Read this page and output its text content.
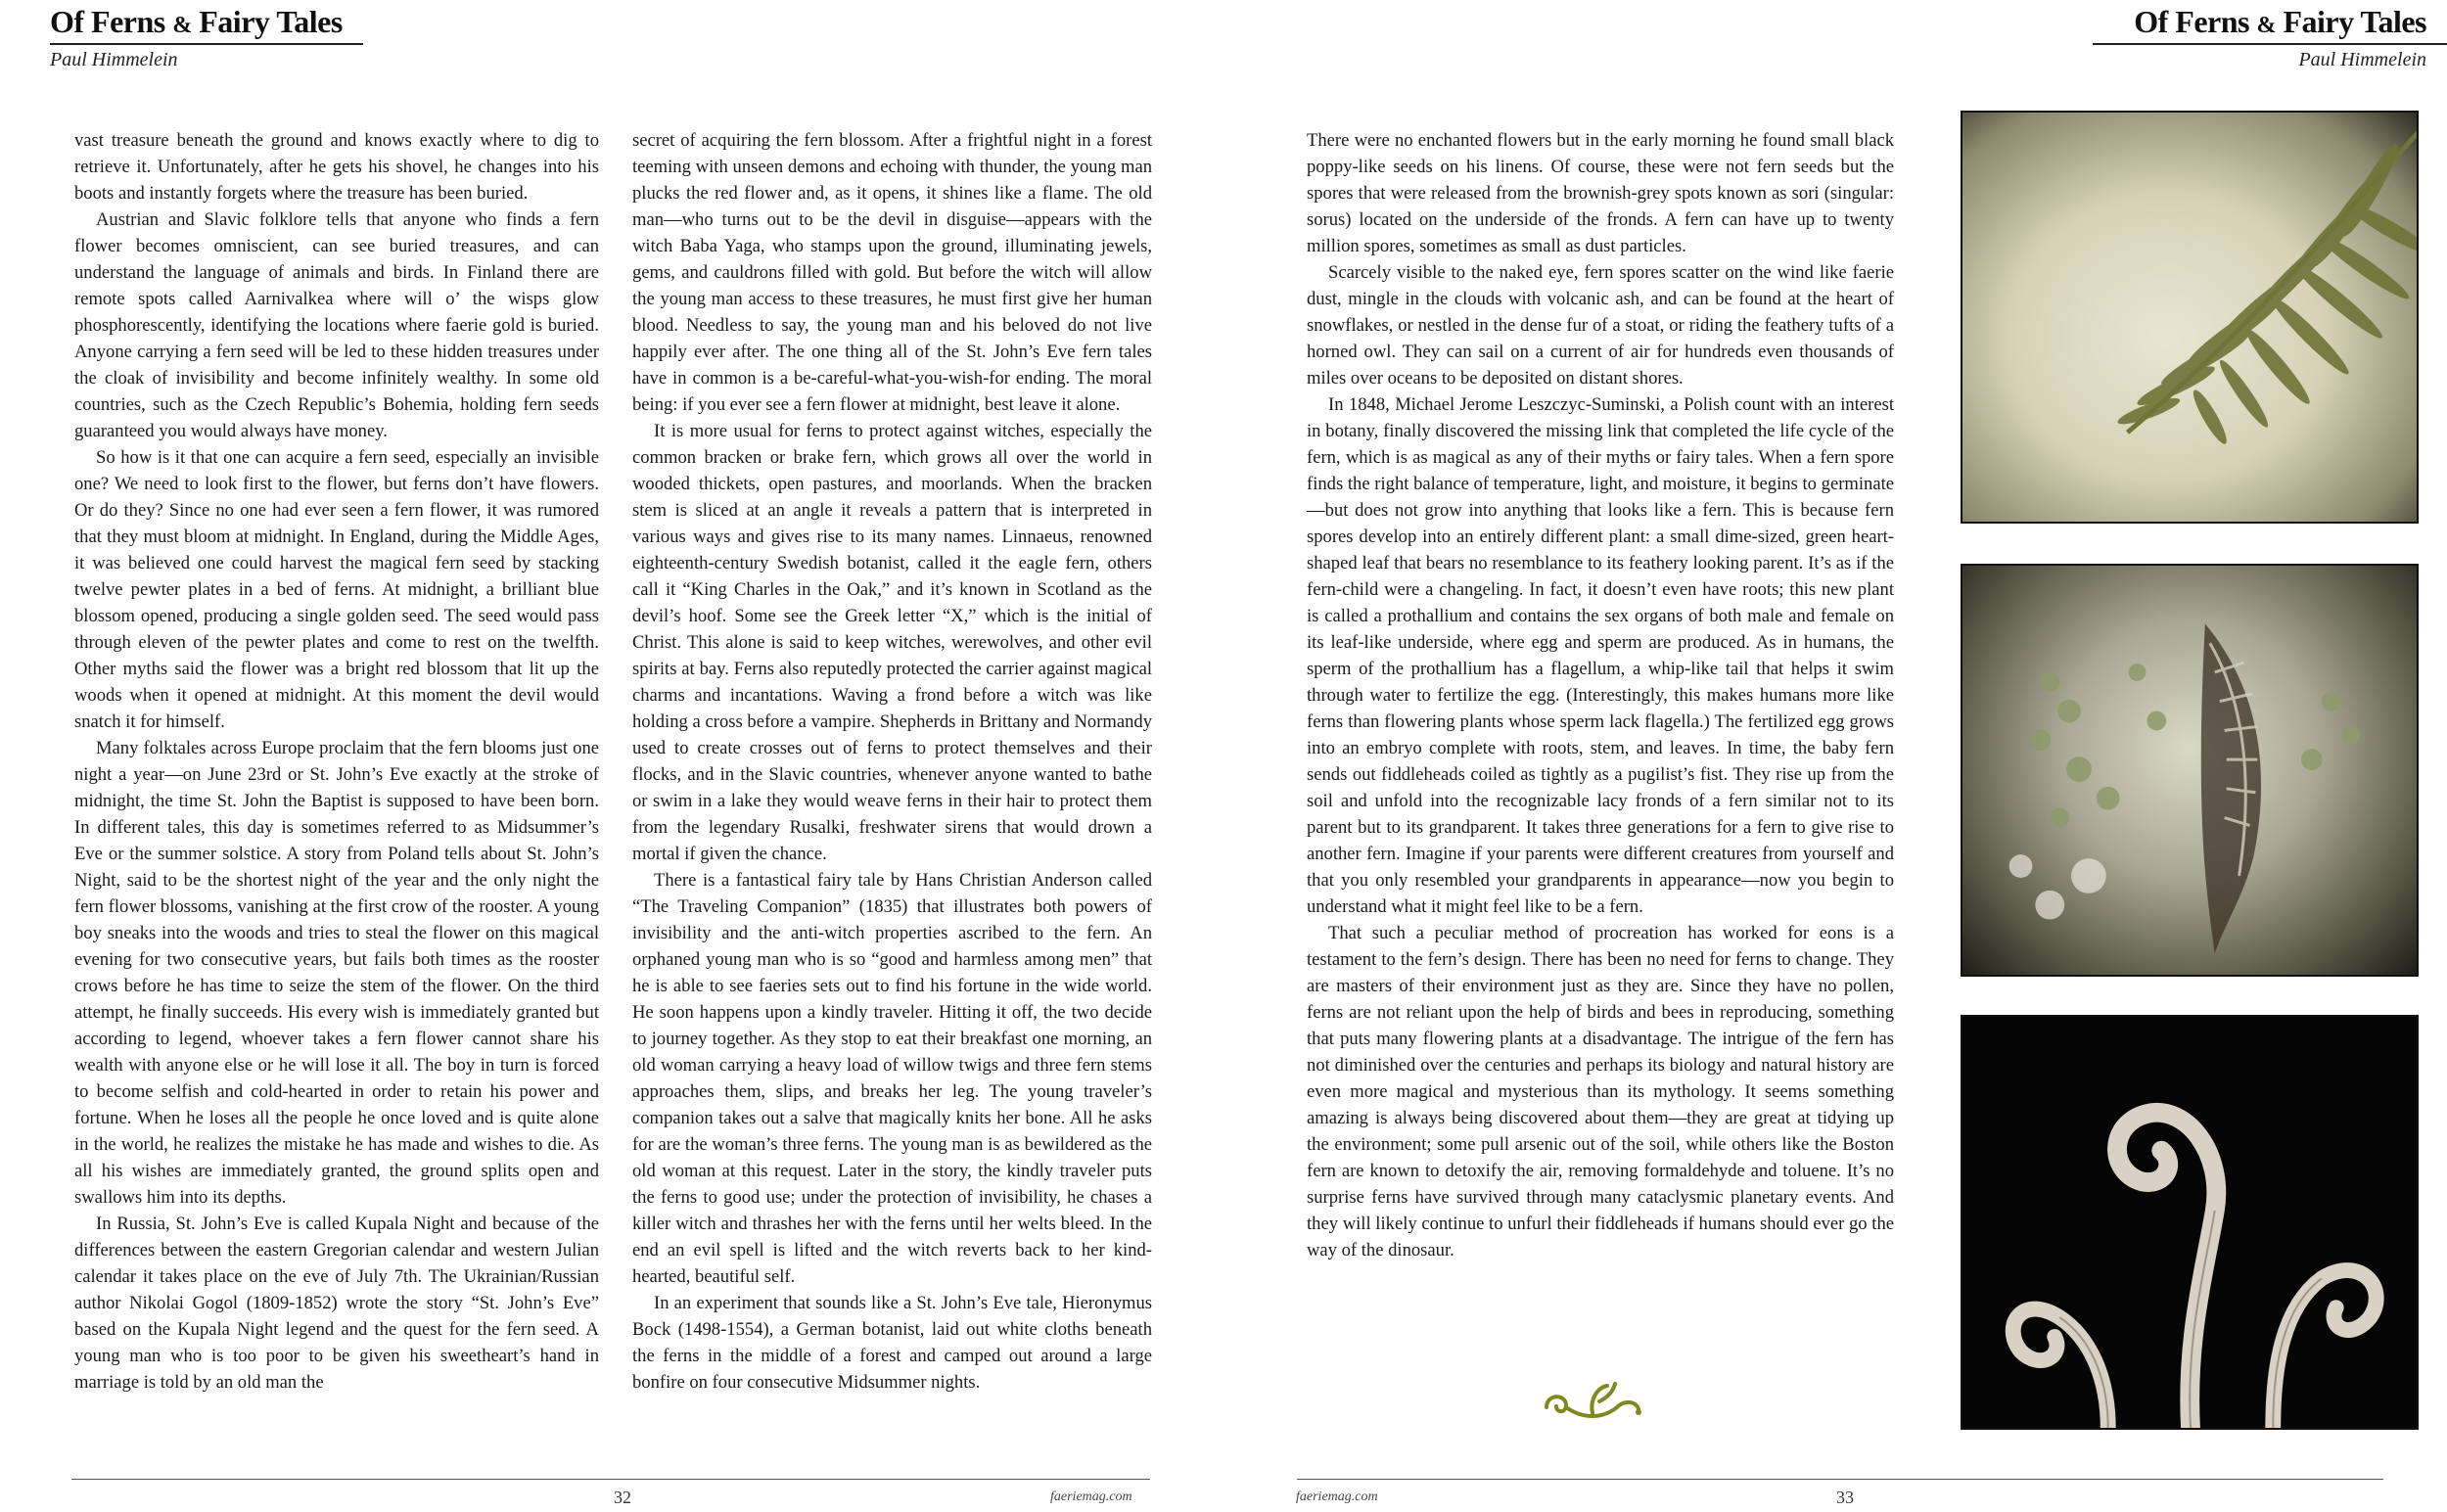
Of Ferns & Fairy Tales
Paul Himmelein

vast treasure beneath the ground and knows exactly where to dig to retrieve it. Unfortunately, after he gets his shovel, he changes into his boots and instantly forgets where the treasure has been buried.

Austrian and Slavic folklore tells that anyone who finds a fern flower becomes omniscient, can see buried treasures, and can understand the language of animals and birds. In Finland there are remote spots called Aarnivalkea where will o’ the wisps glow phosphorescently, identifying the locations where faerie gold is buried. Anyone carrying a fern seed will be led to these hidden treasures under the cloak of invisibility and become infinitely wealthy. In some old countries, such as the Czech Republic’s Bohemia, holding fern seeds guaranteed you would always have money.

So how is it that one can acquire a fern seed, especially an invisible one? We need to look first to the flower, but ferns don’t have flowers. Or do they? Since no one had ever seen a fern flower, it was rumored that they must bloom at midnight. In England, during the Middle Ages, it was believed one could harvest the magical fern seed by stacking twelve pewter plates in a bed of ferns. At midnight, a brilliant blue blossom opened, producing a single golden seed. The seed would pass through eleven of the pewter plates and come to rest on the twelfth. Other myths said the flower was a bright red blossom that lit up the woods when it opened at midnight. At this moment the devil would snatch it for himself.

Many folktales across Europe proclaim that the fern blooms just one night a year—on June 23rd or St. John’s Eve exactly at the stroke of midnight, the time St. John the Baptist is supposed to have been born. In different tales, this day is sometimes referred to as Midsummer’s Eve or the summer solstice. A story from Poland tells about St. John’s Night, said to be the shortest night of the year and the only night the fern flower blossoms, vanishing at the first crow of the rooster. A young boy sneaks into the woods and tries to steal the flower on this magical evening for two consecutive years, but fails both times as the rooster crows before he has time to seize the stem of the flower. On the third attempt, he finally succeeds. His every wish is immediately granted but according to legend, whoever takes a fern flower cannot share his wealth with anyone else or he will lose it all. The boy in turn is forced to become selfish and cold-hearted in order to retain his power and fortune. When he loses all the people he once loved and is quite alone in the world, he realizes the mistake he has made and wishes to die. As all his wishes are immediately granted, the ground splits open and swallows him into its depths.

In Russia, St. John’s Eve is called Kupala Night and because of the differences between the eastern Gregorian calendar and western Julian calendar it takes place on the eve of July 7th. The Ukrainian/Russian author Nikolai Gogol (1809-1852) wrote the story “St. John’s Eve” based on the Kupala Night legend and the quest for the fern seed. A young man who is too poor to be given his sweetheart’s hand in marriage is told by an old man the

secret of acquiring the fern blossom. After a frightful night in a forest teeming with unseen demons and echoing with thunder, the young man plucks the red flower and, as it opens, it shines like a flame. The old man—who turns out to be the devil in disguise—appears with the witch Baba Yaga, who stamps upon the ground, illuminating jewels, gems, and cauldrons filled with gold. But before the witch will allow the young man access to these treasures, he must first give her human blood. Needless to say, the young man and his beloved do not live happily ever after. The one thing all of the St. John’s Eve fern tales have in common is a be-careful-what-you-wish-for ending. The moral being: if you ever see a fern flower at midnight, best leave it alone.

It is more usual for ferns to protect against witches, especially the common bracken or brake fern, which grows all over the world in wooded thickets, open pastures, and moorlands. When the bracken stem is sliced at an angle it reveals a pattern that is interpreted in various ways and gives rise to its many names. Linnaeus, renowned eighteenth-century Swedish botanist, called it the eagle fern, others call it “King Charles in the Oak,” and it’s known in Scotland as the devil’s hoof. Some see the Greek letter “X,” which is the initial of Christ. This alone is said to keep witches, werewolves, and other evil spirits at bay. Ferns also reputedly protected the carrier against magical charms and incantations. Waving a frond before a witch was like holding a cross before a vampire. Shepherds in Brittany and Normandy used to create crosses out of ferns to protect themselves and their flocks, and in the Slavic countries, whenever anyone wanted to bathe or swim in a lake they would weave ferns in their hair to protect them from the legendary Rusalki, freshwater sirens that would drown a mortal if given the chance.

There is a fantastical fairy tale by Hans Christian Anderson called “The Traveling Companion” (1835) that illustrates both powers of invisibility and the anti-witch properties ascribed to the fern. An orphaned young man who is so “good and harmless among men” that he is able to see faeries sets out to find his fortune in the wide world. He soon happens upon a kindly traveler. Hitting it off, the two decide to journey together. As they stop to eat their breakfast one morning, an old woman carrying a heavy load of willow twigs and three fern stems approaches them, slips, and breaks her leg. The young traveler’s companion takes out a salve that magically knits her bone. All he asks for are the woman’s three ferns. The young man is as bewildered as the old woman at this request. Later in the story, the kindly traveler puts the ferns to good use; under the protection of invisibility, he chases a killer witch and thrashes her with the ferns until her welts bleed. In the end an evil spell is lifted and the witch reverts back to her kind-hearted, beautiful self.

In an experiment that sounds like a St. John’s Eve tale, Hieronymus Bock (1498-1554), a German botanist, laid out white cloths beneath the ferns in the middle of a forest and camped out around a large bonfire on four consecutive Midsummer nights.

32	faeriemag.com
Of Ferns & Fairy Tales
Paul Himmelein

There were no enchanted flowers but in the early morning he found small black poppy-like seeds on his linens. Of course, these were not fern seeds but the spores that were released from the brownish-grey spots known as sori (singular: sorus) located on the underside of the fronds. A fern can have up to twenty million spores, sometimes as small as dust particles.

Scarcely visible to the naked eye, fern spores scatter on the wind like faerie dust, mingle in the clouds with volcanic ash, and can be found at the heart of snowflakes, or nestled in the dense fur of a stoat, or riding the feathery tufts of a horned owl. They can sail on a current of air for hundreds even thousands of miles over oceans to be deposited on distant shores.

In 1848, Michael Jerome Leszczyc-Suminski, a Polish count with an interest in botany, finally discovered the missing link that completed the life cycle of the fern, which is as magical as any of their myths or fairy tales. When a fern spore finds the right balance of temperature, light, and moisture, it begins to germinate—but does not grow into anything that looks like a fern. This is because fern spores develop into an entirely different plant: a small dime-sized, green heart-shaped leaf that bears no resemblance to its feathery looking parent. It’s as if the fern-child were a changeling. In fact, it doesn’t even have roots; this new plant is called a prothallium and contains the sex organs of both male and female on its leaf-like underside, where egg and sperm are produced. As in humans, the sperm of the prothallium has a flagellum, a whip-like tail that helps it swim through water to fertilize the egg. (Interestingly, this makes humans more like ferns than flowering plants whose sperm lack flagella.) The fertilized egg grows into an embryo complete with roots, stem, and leaves. In time, the baby fern sends out fiddleheads coiled as tightly as a pugilist’s fist. They rise up from the soil and unfold into the recognizable lacy fronds of a fern similar not to its parent but to its grandparent. It takes three generations for a fern to give rise to another fern. Imagine if your parents were different creatures from yourself and that you only resembled your grandparents in appearance—now you begin to understand what it might feel like to be a fern.

That such a peculiar method of procreation has worked for eons is a testament to the fern’s design. There has been no need for ferns to change. They are masters of their environment just as they are. Since they have no pollen, ferns are not reliant upon the help of birds and bees in reproducing, something that puts many flowering plants at a disadvantage. The intrigue of the fern has not diminished over the centuries and perhaps its biology and natural history are even more magical and mysterious than its mythology. It seems something amazing is always being discovered about them—they are great at tidying up the environment; some pull arsenic out of the soil, while others like the Boston fern are known to detoxify the air, removing formaldehyde and toluene. It’s no surprise ferns have survived through many cataclysmic planetary events. And they will likely continue to unfurl their fiddleheads if humans should ever go the way of the dinosaur.

faeriemag.com	33
